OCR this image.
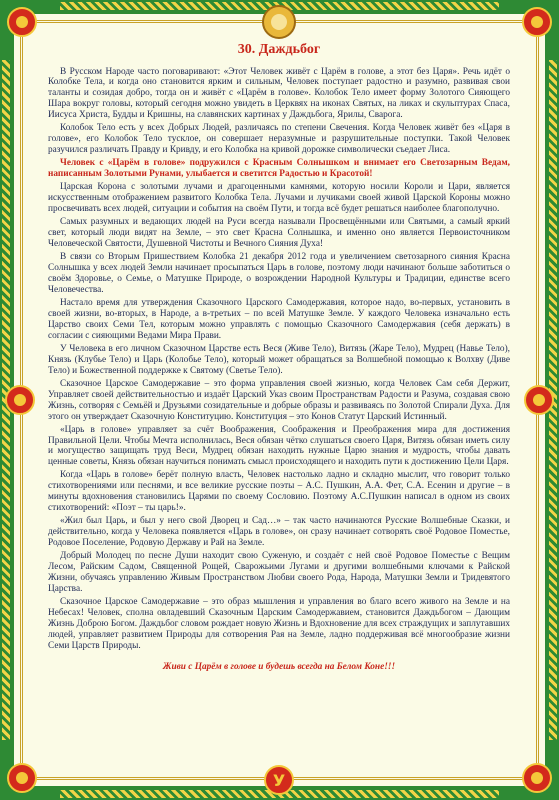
У
30. Даждьбог

В Русском Народе часто поговаривают: «Этот Человек живёт с Царём в голове, а этот без Царя». Речь идёт о Колобке Тела, и когда оно становится ярким и сильным, Человек поступает радостно и разумно, развивая свои таланты и созидая добро, тогда он и живёт с «Царём в голове». Колобок Тело имеет форму Золотого Сияющего Шара вокруг головы, который сегодня можно увидеть в Церквях на иконах Святых, на ликах и скульптурах Спаса, Иисуса Христа, Будды и Кришны, на славянских картинах у Даждьбога, Ярилы, Сварога.

Колобок Тело есть у всех Добрых Людей, различаясь по степени Свечения. Когда Человек живёт без «Царя в голове», его Колобок Тело тусклое, он совершает неразумные и разрушительные поступки. Такой Человек разучился различать Правду и Кривду, и его Колобка на кривой дорожке символически съедает Лиса.

Человек с «Царём в голове» подружился с Красным Солнышком и внимает его Светозарным Ведам, написанным Золотыми Рунами, улыбается и светится Радостью и Красотой!

Царская Корона с золотыми лучами и драгоценными камнями, которую носили Короли и Цари, является искусственным отображением развитого Колобка Тела. Лучами и лучиками своей живой Царской Короны можно просвечивать всех людей, ситуации и события на своём Пути, и тогда всё будет решаться наиболее благополучно.

Самых разумных и ведающих людей на Руси всегда называли Просвещёнными или Святыми, а самый яркий свет, который люди видят на Земле, – это свет Красна Солнышка, и именно оно является Первоисточником Человеческой Святости, Душевной Чистоты и Вечного Сияния Духа!

В связи со Вторым Пришествием Колобка 21 декабря 2012 года и увеличением светозарного сияния Красна Солнышка у всех людей Земли начинает просыпаться Царь в голове, поэтому люди начинают больше заботиться о своём Здоровье, о Семье, о Матушке Природе, о возрождении Народной Культуры и Традиции, единстве всего Человечества.

Настало время для утверждения Сказочного Царского Самодержавия, которое надо, во-первых, установить в своей жизни, во-вторых, в Народе, а в-третьих – по всей Матушке Земле. У каждого Человека изначально есть Царство своих Семи Тел, которым можно управлять с помощью Сказочного Самодержавия (себя держать) в согласии с сияющими Ведами Мира Прави.

У Человека в его личном Сказочном Царстве есть Веся (Живе Тело), Витязь (Жаре Тело), Мудрец (Навье Тело), Князь (Клубье Тело) и Царь (Колобье Тело), который может обращаться за Волшебной помощью к Волхву (Диве Тело) и Божественной поддержке к Святому (Светье Тело).

Сказочное Царское Самодержавие – это форма управления своей жизнью, когда Человек Сам себя Держит, Управляет своей действительностью и издаёт Царский Указ своим Пространствам Радости и Разума, создавая свою Жизнь, сотворяя с Семьёй и Друзьями созидательные и добрые образы и развиваясь по Золотой Спирали Духа. Для этого он утверждает Сказочную Конституцию. Конституция – это Конов Статут Царский Истинный.

«Царь в голове» управляет за счёт Воображения, Соображения и Преображения мира для достижения Правильной Цели. Чтобы Мечта исполнилась, Веся обязан чётко слушаться своего Царя, Витязь обязан иметь силу и могущество защищать труд Веси, Мудрец обязан находить нужные Царю знания и мудрость, чтобы давать ценные советы, Князь обязан научиться понимать смысл происходящего и находить пути к достижению Цели Царя.

Когда «Царь в голове» берёт полную власть, Человек настолько ладно и складно мыслит, что говорит только стихотворениями или песнями, и все великие русские поэты – А.С. Пушкин, А.А. Фет, С.А. Есенин и другие – в минуты вдохновения становились Царями по своему Сословию. Поэтому А.С.Пушкин написал в одном из своих стихотворений: «Поэт – ты царь!».

«Жил был Царь, и был у него свой Дворец и Сад…» – так часто начинаются Русские Волшебные Сказки, и действительно, когда у Человека появляется «Царь в голове», он сразу начинает сотворять своё Родовое Поместье, Родовое Поселение, Родовую Державу и Рай на Земле.

Добрый Молодец по песне Души находит свою Суженую, и создаёт с ней своё Родовое Поместье с Вещим Лесом, Райским Садом, Священной Рощей, Сварожьими Лугами и другими волшебными ключами к Райской Жизни, обучаясь управлению Живым Пространством Любви своего Рода, Народа, Матушки Земли и Тридевятого Царства.

Сказочное Царское Самодержавие – это образ мышления и управления во благо всего живого на Земле и на Небесах! Человек, сполна овладевший Сказочным Царским Самодержавием, становится Даждьбогом – Дающим Жизнь Доброю Богом. Даждьбог словом рождает новую Жизнь и Вдохновение для всех страждущих и заплутавших людей, управляет развитием Природы для сотворения Рая на Земле, ладно поддерживая всё многообразие жизни Семи Царств Природы.

Живи с Царём в голове и будешь всегда на Белом Коне!!!
